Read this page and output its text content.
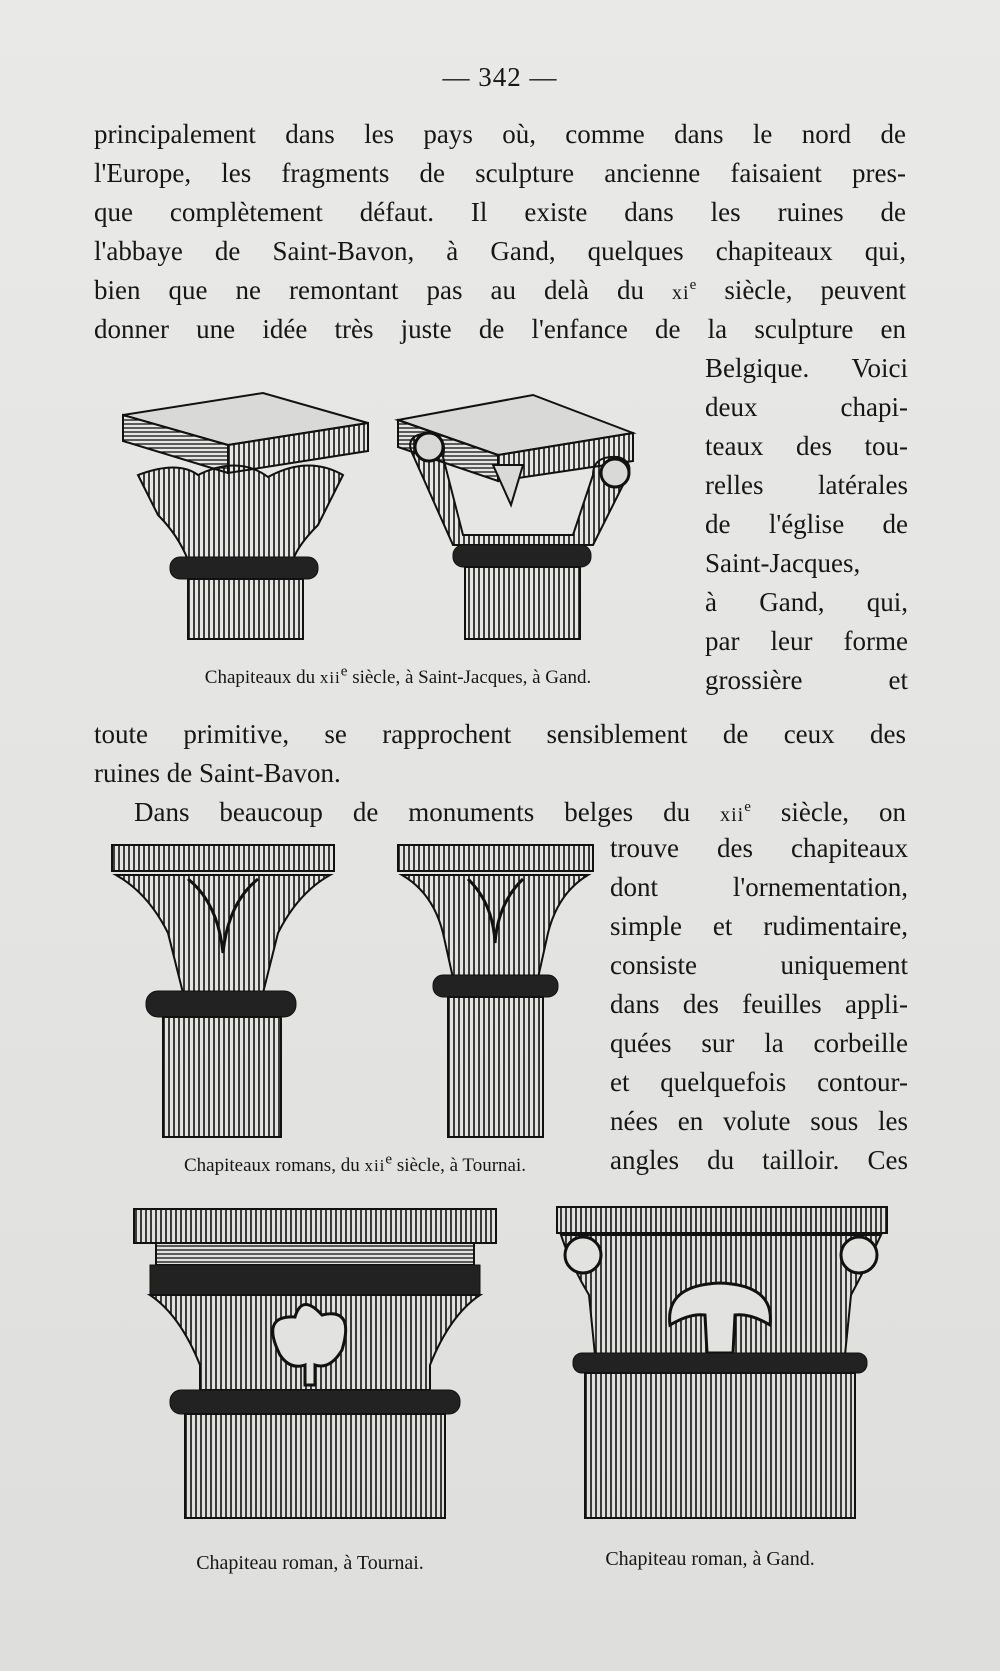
— 342 —
principalement dans les pays où, comme dans le nord de
l'Europe, les fragments de sculpture ancienne faisaient pres-
que complètement défaut. Il existe dans les ruines de
l'abbaye de Saint-Bavon, à Gand, quelques chapiteaux qui,
bien que ne remontant pas au delà du $xi^e$ siècle, peuvent
donner une idée très juste de l'enfance de la sculpture en
Belgique. Voici
deux chapi-
teaux des tou-
relles latérales
de l'église de
Saint-Jacques,
à Gand, qui,
par leur forme
grossière et
Chapiteaux du xii$^e$ siècle, à Saint-Jacques, à Gand.
toute primitive, se rapprochent sensiblement de ceux des
ruines de Saint-Bavon.
Dans beaucoup de monuments belges du xii$^e$ siècle, on
trouve des chapiteaux
dont l'ornementation,
simple et rudimentaire,
consiste uniquement
dans des feuilles appli-
quées sur la corbeille
et quelquefois contour-
nées en volute sous les
angles du tailloir. Ces
Chapiteaux romans, du xii$^e$ siècle, à Tournai.
Chapiteau roman, à Tournai.	Chapiteau roman, à Gand.
